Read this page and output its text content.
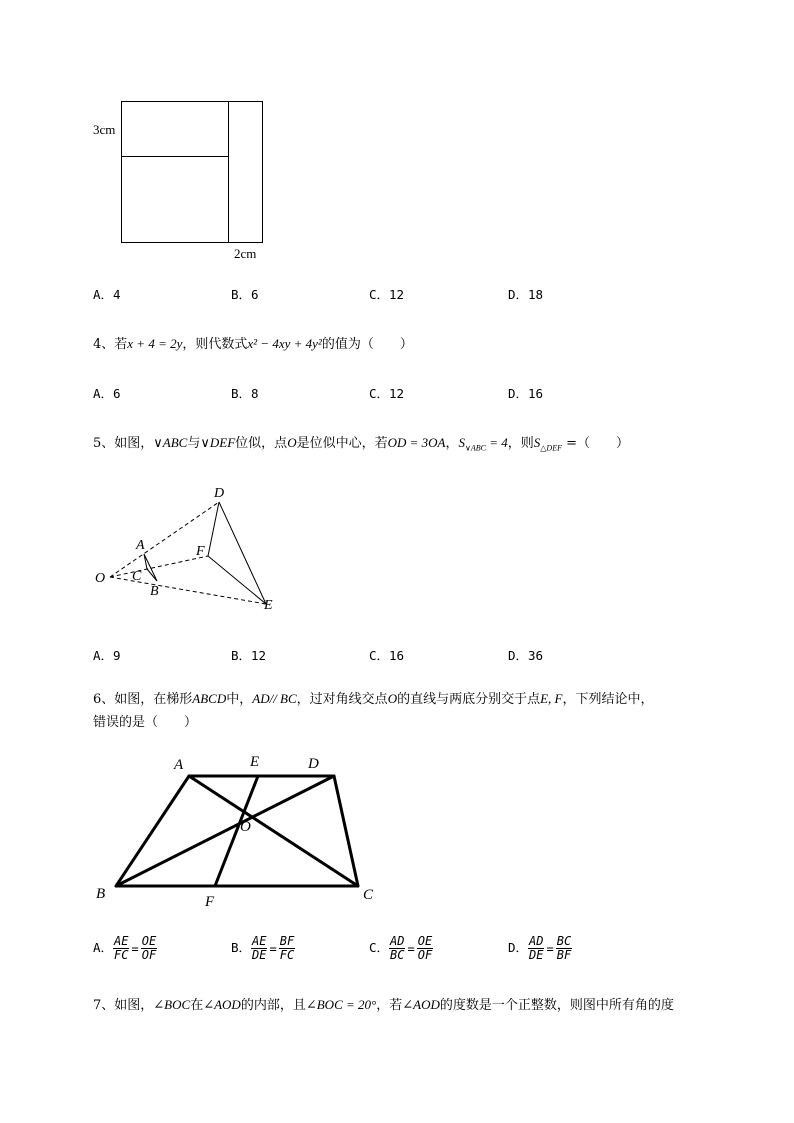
3cm
2cm
A．4	B．6	C．12	D．18
4、若x + 4 = 2y，则代数式x² − 4xy + 4y²的值为（　　）
A．6	B．8	C．12	D．16
5、如图，∨ABC与∨DEF位似，点O是位似中心，若OD = 3OA，$S_{\vee ABC} = 4$，则$S_{\triangle DEF}$ =（　　）
D
A	F
O C
B
E
A．9	B．12	C．16	D．36
6、如图，在梯形ABCD中，AD// BC，过对角线交点O的直线与两底分别交于点E, F，下列结论中，
错误的是（　　）
A	E	D
O
B	F	C
A． $\frac{AE}{FC} = \frac{OE}{OF}$	B． $\frac{AE}{DE} = \frac{BF}{FC}$	C． $\frac{AD}{BC} = \frac{OE}{OF}$	D． $\frac{AD}{DE} = \frac{BC}{BF}$
7、如图，∠BOC在∠AOD的内部，且∠BOC = 20°，若∠AOD的度数是一个正整数，则图中所有角的度
